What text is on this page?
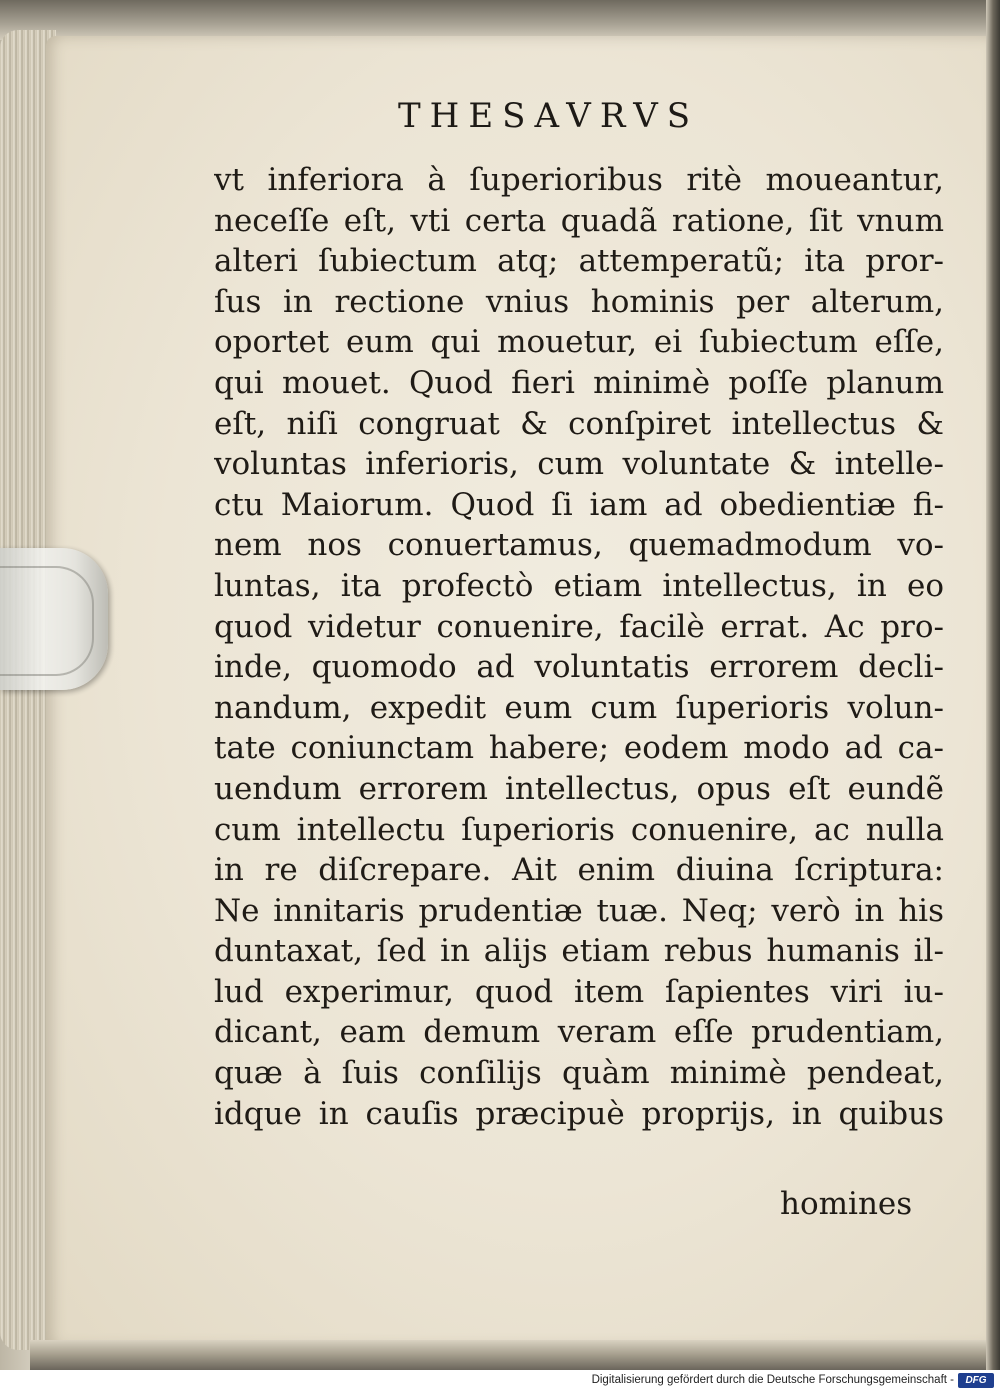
THESAVRVS
vt inferiora à ſuperioribus ritè moueantur,
neceſſe eſt, vti certa quadã ratione, ſit vnum
alteri ſubiectum atq; attemperatũ; ita pror-
ſus in rectione vnius hominis per alterum,
oportet eum qui mouetur, ei ſubiectum eſſe,
qui mouet. Quod fieri minimè poſſe planum
eſt, niſi congruat & conſpiret intellectus &
voluntas inferioris, cum voluntate & intelle-
ctu Maiorum. Quod ſi iam ad obedientiæ fi-
nem nos conuertamus, quemadmodum vo-
luntas, ita profectò etiam intellectus, in eo
quod videtur conuenire, facilè errat. Ac pro-
inde, quomodo ad voluntatis errorem decli-
nandum, expedit eum cum ſuperioris volun-
tate coniunctam habere; eodem modo ad ca-
uendum errorem intellectus, opus eſt eundẽ
cum intellectu ſuperioris conuenire, ac nulla
in re diſcrepare. Ait enim diuina ſcriptura:
Ne innitaris prudentiæ tuæ. Neq; verò in his
duntaxat, ſed in alijs etiam rebus humanis il-
lud experimur, quod item ſapientes viri iu-
dicant, eam demum veram eſſe prudentiam,
quæ à ſuis conſilijs quàm minimè pendeat,
idque in cauſis præcipuè proprijs, in quibus
homines
Digitalisierung gefördert durch die Deutsche Forschungsgemeinschaft -	DFG
